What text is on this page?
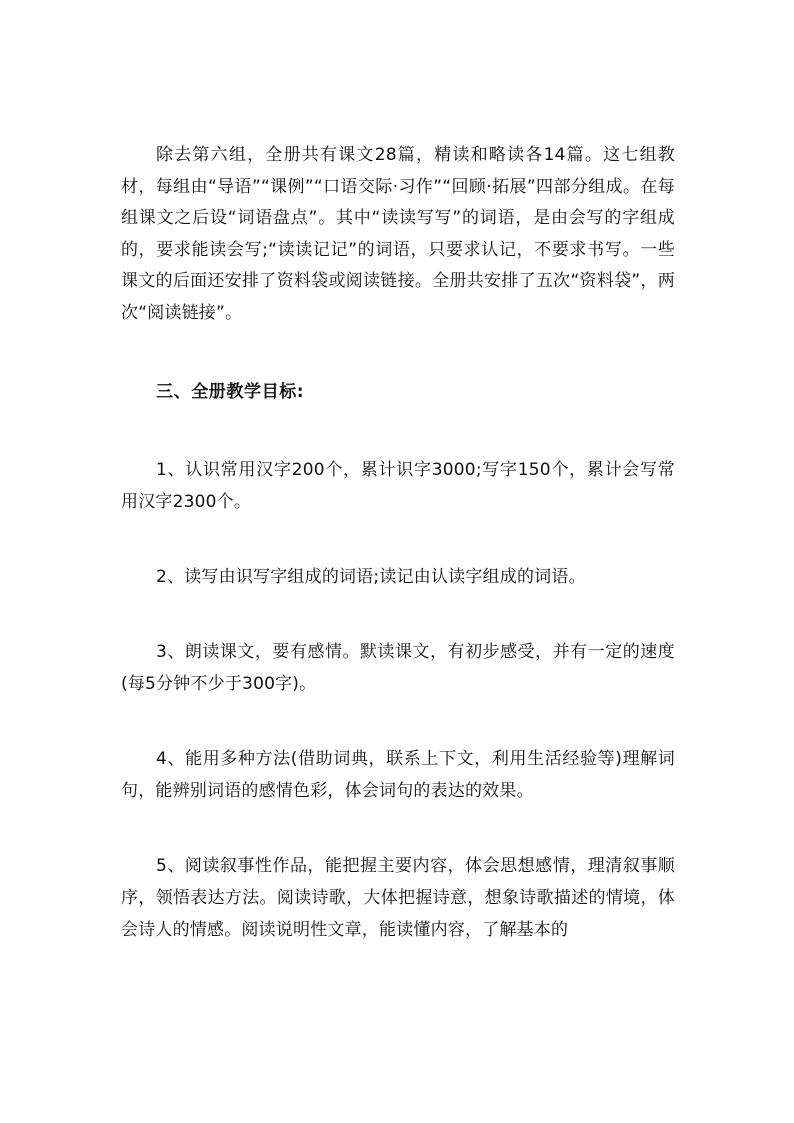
除去第六组，全册共有课文28篇，精读和略读各14篇。这七组教材，每组由“导语”“课例”“口语交际·习作”“回顾·拓展”四部分组成。在每组课文之后设“词语盘点”。其中“读读写写”的词语，是由会写的字组成的，要求能读会写;“读读记记”的词语，只要求认记，不要求书写。一些课文的后面还安排了资料袋或阅读链接。全册共安排了五次“资料袋”，两次“阅读链接”。

三、全册教学目标:

1、认识常用汉字200个，累计识字3000;写字150个，累计会写常用汉字2300个。

2、读写由识写字组成的词语;读记由认读字组成的词语。

3、朗读课文，要有感情。默读课文，有初步感受，并有一定的速度(每5分钟不少于300字)。

4、能用多种方法(借助词典，联系上下文，利用生活经验等)理解词句，能辨别词语的感情色彩，体会词句的表达的效果。

5、阅读叙事性作品，能把握主要内容，体会思想感情，理清叙事顺序，领悟表达方法。阅读诗歌，大体把握诗意，想象诗歌描述的情境，体会诗人的情感。阅读说明性文章，能读懂内容，了解基本的
